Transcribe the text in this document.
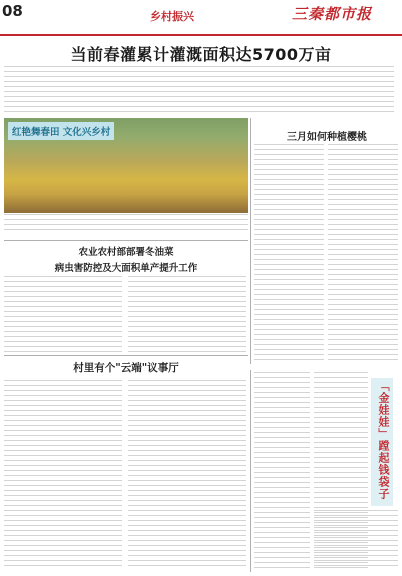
08	乡村振兴	三秦都市报
当前春灌累计灌溉面积达5700万亩
红艳舞春田 文化兴乡村	三月如何种植樱桃
农业农村部部署冬油菜
病虫害防控及大面积单产提升工作
村里有个"云端"议事厅
「金娃娃」蹚起钱袋子
